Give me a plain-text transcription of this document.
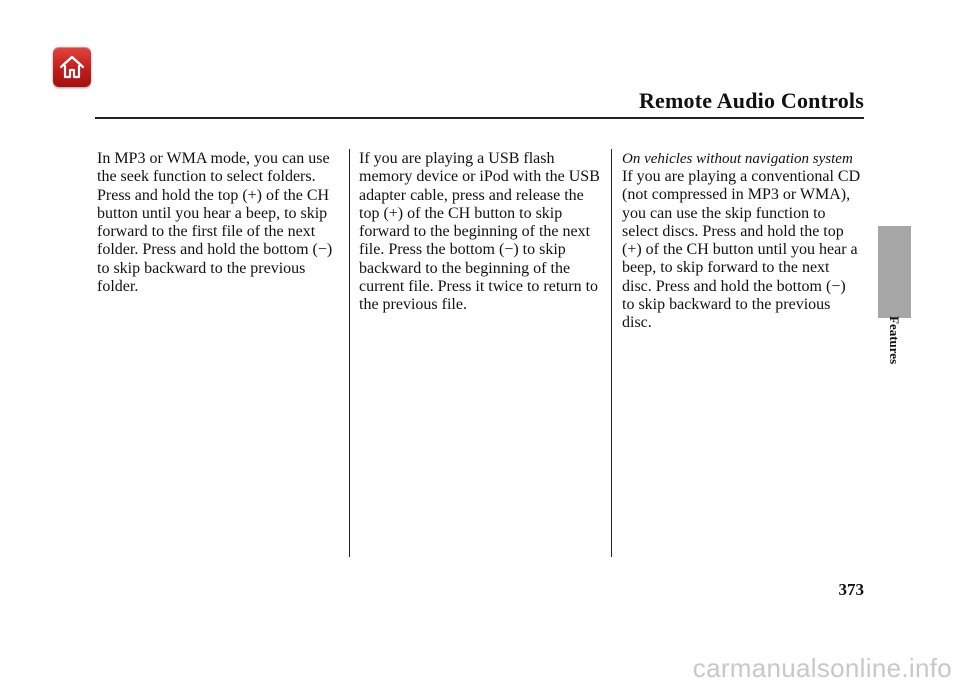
Remote Audio Controls

In MP3 or WMA mode, you can use the seek function to select folders. Press and hold the top (+) of the CH button until you hear a beep, to skip forward to the first file of the next folder. Press and hold the bottom (−) to skip backward to the previous folder.

If you are playing a USB flash memory device or iPod with the USB adapter cable, press and release the top (+) of the CH button to skip forward to the beginning of the next file. Press the bottom (−) to skip backward to the beginning of the current file. Press it twice to return to the previous file.

On vehicles without navigation system

If you are playing a conventional CD (not compressed in MP3 or WMA), you can use the skip function to select discs. Press and hold the top (+) of the CH button until you hear a beep, to skip forward to the next disc. Press and hold the bottom (−) to skip backward to the previous disc.	Features
373
carmanualsonline.info
